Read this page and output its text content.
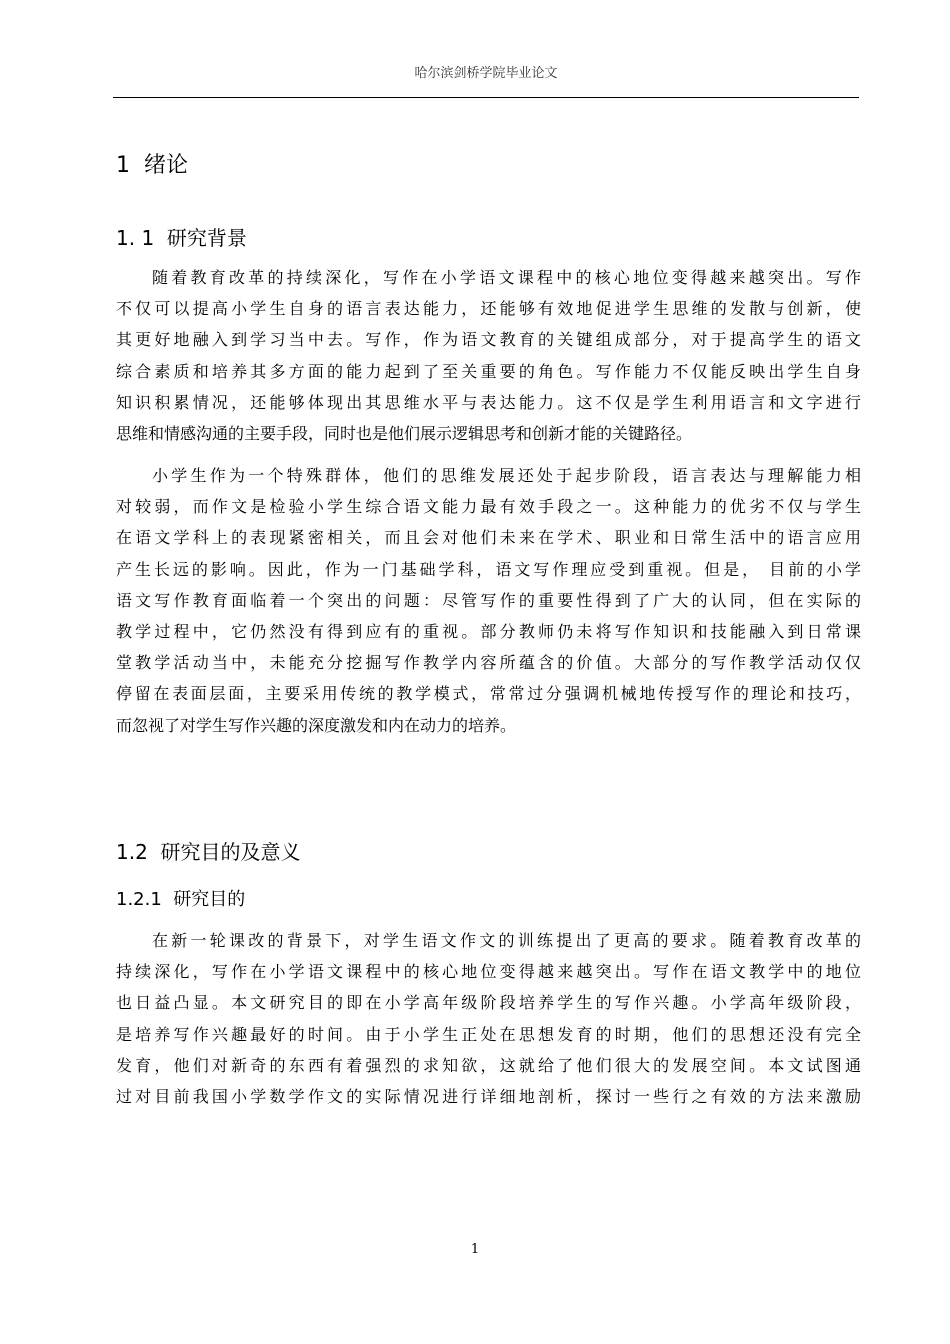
哈尔滨剑桥学院毕业论文
1  绪论
1. 1  研究背景
随着教育改革的持续深化，写作在小学语文课程中的核心地位变得越来越突出。写作
不仅可以提高小学生自身的语言表达能力，还能够有效地促进学生思维的发散与创新，使
其更好地融入到学习当中去。写作，作为语文教育的关键组成部分，对于提高学生的语文
综合素质和培养其多方面的能力起到了至关重要的角色。写作能力不仅能反映出学生自身
知识积累情况，还能够体现出其思维水平与表达能力。这不仅是学生利用语言和文字进行
思维和情感沟通的主要手段，同时也是他们展示逻辑思考和创新才能的关键路径。
小学生作为一个特殊群体，他们的思维发展还处于起步阶段，语言表达与理解能力相
对较弱，而作文是检验小学生综合语文能力最有效手段之一。这种能力的优劣不仅与学生
在语文学科上的表现紧密相关，而且会对他们未来在学术、职业和日常生活中的语言应用
产生长远的影响。因此，作为一门基础学科，语文写作理应受到重视。但是， 目前的小学
语文写作教育面临着一个突出的问题：尽管写作的重要性得到了广大的认同，但在实际的
教学过程中，它仍然没有得到应有的重视。部分教师仍未将写作知识和技能融入到日常课
堂教学活动当中，未能充分挖掘写作教学内容所蕴含的价值。大部分的写作教学活动仅仅
停留在表面层面，主要采用传统的教学模式，常常过分强调机械地传授写作的理论和技巧，
而忽视了对学生写作兴趣的深度激发和内在动力的培养。
1.2  研究目的及意义
1.2.1  研究目的
在新一轮课改的背景下，对学生语文作文的训练提出了更高的要求。随着教育改革的
持续深化，写作在小学语文课程中的核心地位变得越来越突出。写作在语文教学中的地位
也日益凸显。本文研究目的即在小学高年级阶段培养学生的写作兴趣。小学高年级阶段，
是培养写作兴趣最好的时间。由于小学生正处在思想发育的时期，他们的思想还没有完全
发育，他们对新奇的东西有着强烈的求知欲，这就给了他们很大的发展空间。本文试图通
过对目前我国小学数学作文的实际情况进行详细地剖析，探讨一些行之有效的方法来激励
1
